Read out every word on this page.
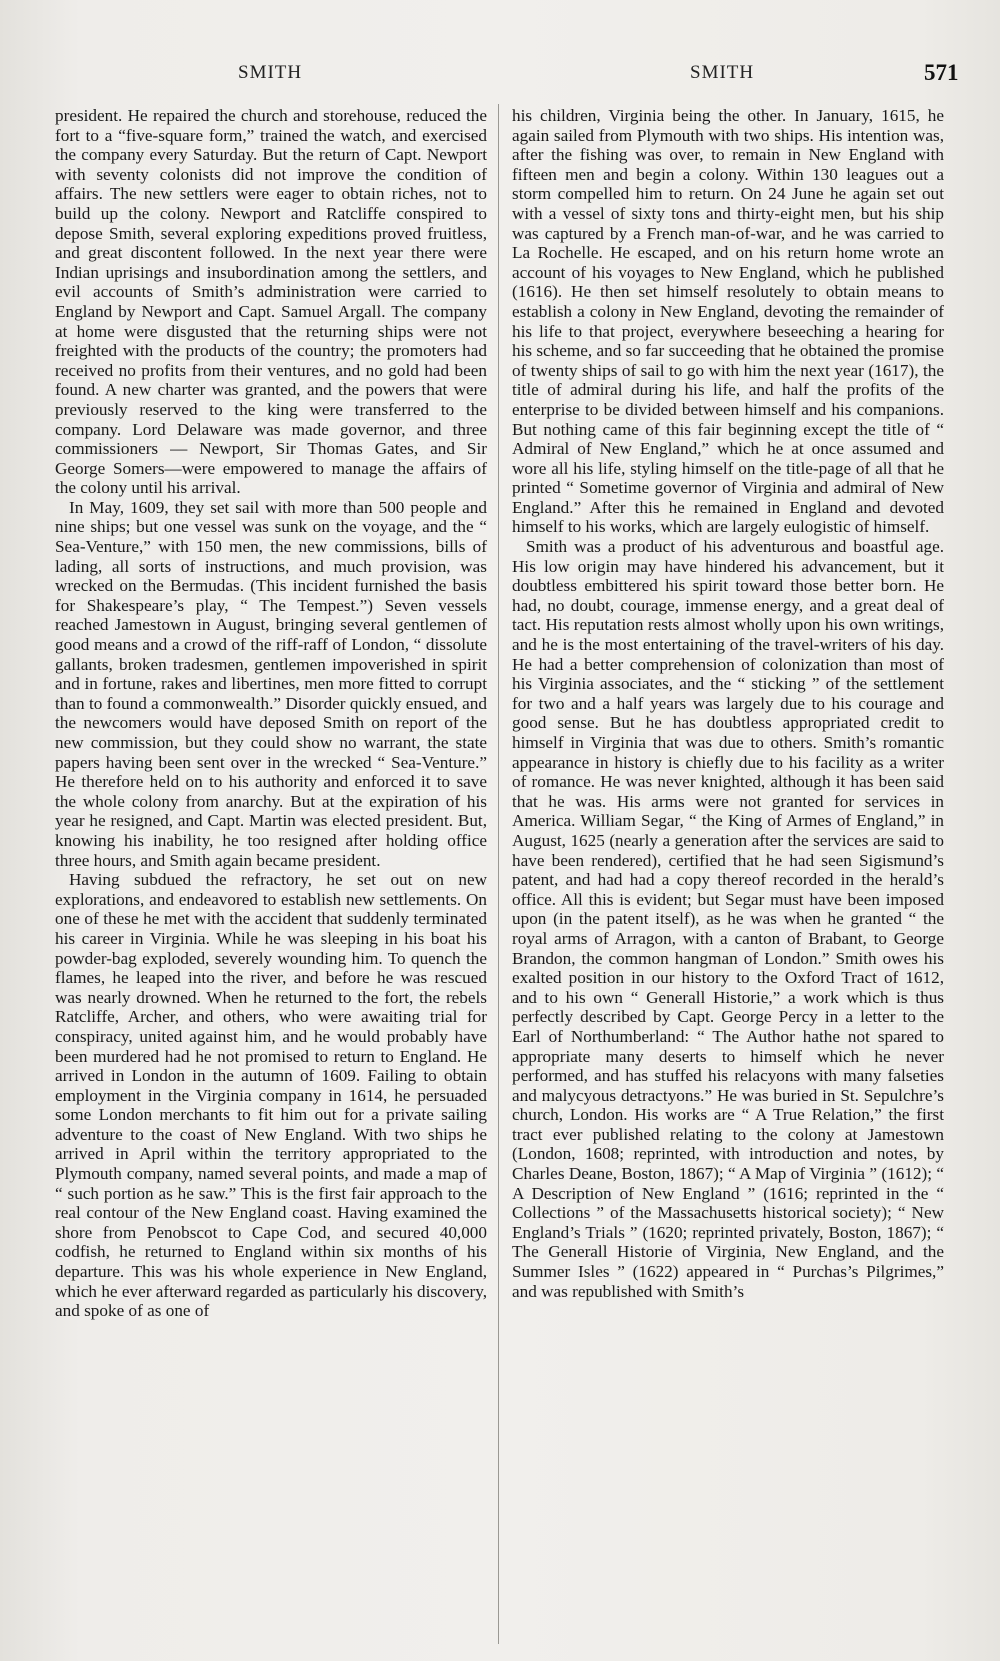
SMITH	SMITH	571

president. He repaired the church and storehouse, reduced the fort to a “five-square form,” trained the watch, and exercised the company every Saturday. But the return of Capt. Newport with seventy colonists did not improve the condition of affairs. The new settlers were eager to obtain riches, not to build up the colony. Newport and Ratcliffe conspired to depose Smith, several exploring expeditions proved fruitless, and great discontent followed. In the next year there were Indian uprisings and insubordination among the settlers, and evil accounts of Smith’s administration were carried to England by Newport and Capt. Samuel Argall. The company at home were disgusted that the returning ships were not freighted with the products of the country; the promoters had received no profits from their ventures, and no gold had been found. A new charter was granted, and the powers that were previously reserved to the king were transferred to the company. Lord Delaware was made governor, and three commissioners — Newport, Sir Thomas Gates, and Sir George Somers—were empowered to manage the affairs of the colony until his arrival.

In May, 1609, they set sail with more than 500 people and nine ships; but one vessel was sunk on the voyage, and the “ Sea-Venture,” with 150 men, the new commissions, bills of lading, all sorts of instructions, and much provision, was wrecked on the Bermudas. (This incident furnished the basis for Shakespeare’s play, “ The Tempest.”) Seven vessels reached Jamestown in August, bringing several gentlemen of good means and a crowd of the riff-raff of London, “ dissolute gallants, broken tradesmen, gentlemen impoverished in spirit and in fortune, rakes and libertines, men more fitted to corrupt than to found a commonwealth.” Disorder quickly ensued, and the newcomers would have deposed Smith on report of the new commission, but they could show no warrant, the state papers having been sent over in the wrecked “ Sea-Venture.” He therefore held on to his authority and enforced it to save the whole colony from anarchy. But at the expiration of his year he resigned, and Capt. Martin was elected president. But, knowing his inability, he too resigned after holding office three hours, and Smith again became president.

Having subdued the refractory, he set out on new explorations, and endeavored to establish new settlements. On one of these he met with the accident that suddenly terminated his career in Virginia. While he was sleeping in his boat his powder-bag exploded, severely wounding him. To quench the flames, he leaped into the river, and before he was rescued was nearly drowned. When he returned to the fort, the rebels Ratcliffe, Archer, and others, who were awaiting trial for conspiracy, united against him, and he would probably have been murdered had he not promised to return to England. He arrived in London in the autumn of 1609. Failing to obtain employment in the Virginia company in 1614, he persuaded some London merchants to fit him out for a private sailing adventure to the coast of New England. With two ships he arrived in April within the territory appropriated to the Plymouth company, named several points, and made a map of “ such portion as he saw.” This is the first fair approach to the real contour of the New England coast. Having examined the shore from Penobscot to Cape Cod, and secured 40,000 codfish, he returned to England within six months of his departure. This was his whole experience in New England, which he ever afterward regarded as particularly his discovery, and spoke of as one of

his children, Virginia being the other. In January, 1615, he again sailed from Plymouth with two ships. His intention was, after the fishing was over, to remain in New England with fifteen men and begin a colony. Within 130 leagues out a storm compelled him to return. On 24 June he again set out with a vessel of sixty tons and thirty-eight men, but his ship was captured by a French man-of-war, and he was carried to La Rochelle. He escaped, and on his return home wrote an account of his voyages to New England, which he published (1616). He then set himself resolutely to obtain means to establish a colony in New England, devoting the remainder of his life to that project, everywhere beseeching a hearing for his scheme, and so far succeeding that he obtained the promise of twenty ships of sail to go with him the next year (1617), the title of admiral during his life, and half the profits of the enterprise to be divided between himself and his companions. But nothing came of this fair beginning except the title of “ Admiral of New England,” which he at once assumed and wore all his life, styling himself on the title-page of all that he printed “ Sometime governor of Virginia and admiral of New England.” After this he remained in England and devoted himself to his works, which are largely eulogistic of himself.

Smith was a product of his adventurous and boastful age. His low origin may have hindered his advancement, but it doubtless embittered his spirit toward those better born. He had, no doubt, courage, immense energy, and a great deal of tact. His reputation rests almost wholly upon his own writings, and he is the most entertaining of the travel-writers of his day. He had a better comprehension of colonization than most of his Virginia associates, and the “ sticking ” of the settlement for two and a half years was largely due to his courage and good sense. But he has doubtless appropriated credit to himself in Virginia that was due to others. Smith’s romantic appearance in history is chiefly due to his facility as a writer of romance. He was never knighted, although it has been said that he was. His arms were not granted for services in America. William Segar, “ the King of Armes of England,” in August, 1625 (nearly a generation after the services are said to have been rendered), certified that he had seen Sigismund’s patent, and had had a copy thereof recorded in the herald’s office. All this is evident; but Segar must have been imposed upon (in the patent itself), as he was when he granted “ the royal arms of Arragon, with a canton of Brabant, to George Brandon, the common hangman of London.” Smith owes his exalted position in our history to the Oxford Tract of 1612, and to his own “ Generall Historie,” a work which is thus perfectly described by Capt. George Percy in a letter to the Earl of Northumberland: “ The Author hathe not spared to appropriate many deserts to himself which he never performed, and has stuffed his relacyons with many falseties and malycyous detractyons.” He was buried in St. Sepulchre’s church, London. His works are “ A True Relation,” the first tract ever published relating to the colony at Jamestown (London, 1608; reprinted, with introduction and notes, by Charles Deane, Boston, 1867); “ A Map of Virginia ” (1612); “ A Description of New England ” (1616; reprinted in the “ Collections ” of the Massachusetts historical society); “ New England’s Trials ” (1620; reprinted privately, Boston, 1867); “ The Generall Historie of Virginia, New England, and the Summer Isles ” (1622) appeared in “ Purchas’s Pilgrimes,” and was republished with Smith’s
